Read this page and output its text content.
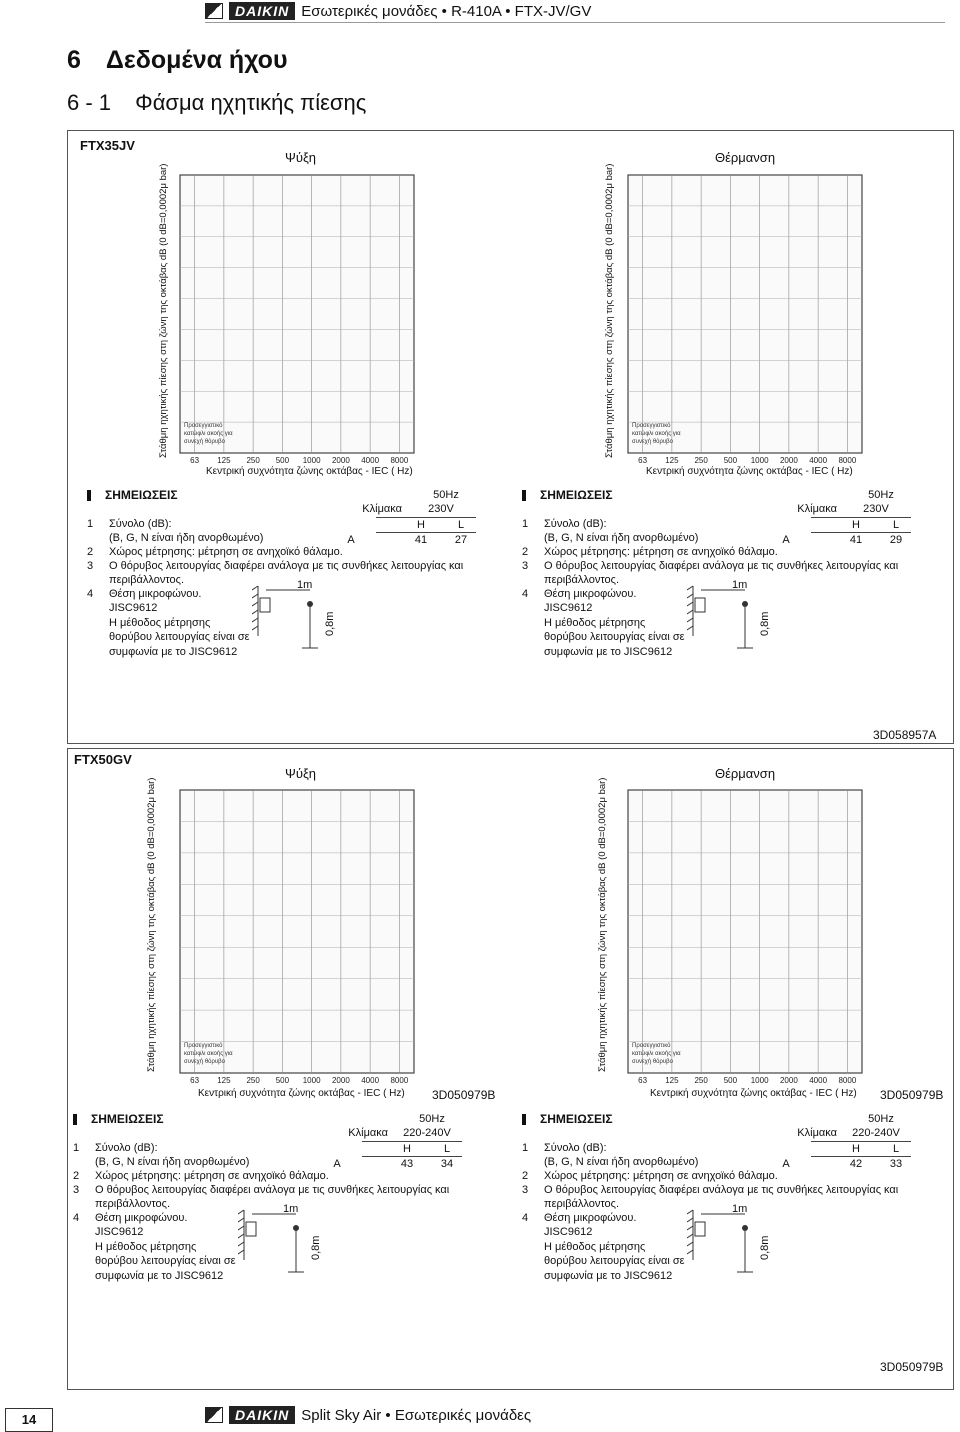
DAIKIN Εσωτερικές μονάδες • R-410A • FTX-JV/GV
6 Δεδομένα ήχου
6 - 1 Φάσμα ηχητικής πίεσης
FTX35JV
FTX50GV
3D058957A
Ψύξη	Θέρμανση
Ψύξη	Θέρμανση
63 125 250 500 1000 2000 4000 8000
Προσεγγιστικό
κατώφλι ακοής για
συνεχή θόρυβο
63 125 250 500 1000 2000 4000 8000
Προσεγγιστικό
κατώφλι ακοής για
συνεχή θόρυβο
63 125 250 500 1000 2000 4000 8000
Προσεγγιστικό
κατώφλι ακοής για
συνεχή θόρυβο
63 125 250 500 1000 2000 4000 8000
Προσεγγιστικό
κατώφλι ακοής για
συνεχή θόρυβο
Στάθμη ηχητικής πίεσης στη ζώνη της οκτάβας dB (0 dB=0,0002μ bar)	Στάθμη ηχητικής πίεσης στη ζώνη της οκτάβας dB (0 dB=0,0002μ bar)
Στάθμη ηχητικής πίεσης στη ζώνη της οκτάβας dB (0 dB=0,0002μ bar)	Στάθμη ηχητικής πίεσης στη ζώνη της οκτάβας dB (0 dB=0,0002μ bar)
Κεντρική συχνότητα ζώνης οκτάβας - IEC ( Hz)	Κεντρική συχνότητα ζώνης οκτάβας - IEC ( Hz)
Κεντρική συχνότητα ζώνης οκτάβας - IEC ( Hz)	Κεντρική συχνότητα ζώνης οκτάβας - IEC ( Hz)
3D050979B	3D050979B
3D050979B
ΣΗΜΕΙΩΣΕΙΣ
1 Σύνολο (dB):
(B, G, N είναι ήδη ανορθωμένο)
2 Χώρος μέτρησης: μέτρηση σε ανηχοϊκό θάλαμο.
3 Ο θόρυβος λειτουργίας διαφέρει ανάλογα με τις συνθήκες λειτουργίας και
περιβάλλοντος.
4 Θέση μικροφώνου.
JISC9612
Η μέθοδος μέτρησης
θορύβου λειτουργίας είναι σε
συμφωνία με το JISC9612
50Hz
Κλίμακα	230V
H	L
A	41	27
1m
0,8m
ΣΗΜΕΙΩΣΕΙΣ
1 Σύνολο (dB):
(B, G, N είναι ήδη ανορθωμένο)
2 Χώρος μέτρησης: μέτρηση σε ανηχοϊκό θάλαμο.
3 Ο θόρυβος λειτουργίας διαφέρει ανάλογα με τις συνθήκες λειτουργίας και
περιβάλλοντος.
4 Θέση μικροφώνου.
JISC9612
Η μέθοδος μέτρησης
θορύβου λειτουργίας είναι σε
συμφωνία με το JISC9612
50Hz
Κλίμακα	230V
H	L
A	41	29
1m
0,8m
ΣΗΜΕΙΩΣΕΙΣ
1 Σύνολο (dB):
(B, G, N είναι ήδη ανορθωμένο)
2 Χώρος μέτρησης: μέτρηση σε ανηχοϊκό θάλαμο.
3 Ο θόρυβος λειτουργίας διαφέρει ανάλογα με τις συνθήκες λειτουργίας και
περιβάλλοντος.
4 Θέση μικροφώνου.
JISC9612
Η μέθοδος μέτρησης
θορύβου λειτουργίας είναι σε
συμφωνία με το JISC9612
50Hz
Κλίμακα	220-240V
H	L
A	43	34
1m
0,8m
ΣΗΜΕΙΩΣΕΙΣ
1 Σύνολο (dB):
(B, G, N είναι ήδη ανορθωμένο)
2 Χώρος μέτρησης: μέτρηση σε ανηχοϊκό θάλαμο.
3 Ο θόρυβος λειτουργίας διαφέρει ανάλογα με τις συνθήκες λειτουργίας και
περιβάλλοντος.
4 Θέση μικροφώνου.
JISC9612
Η μέθοδος μέτρησης
θορύβου λειτουργίας είναι σε
συμφωνία με το JISC9612
50Hz
Κλίμακα	220-240V
H	L
A	42	33
1m
0,8m
14	DAIKIN Split Sky Air • Εσωτερικές μονάδες
